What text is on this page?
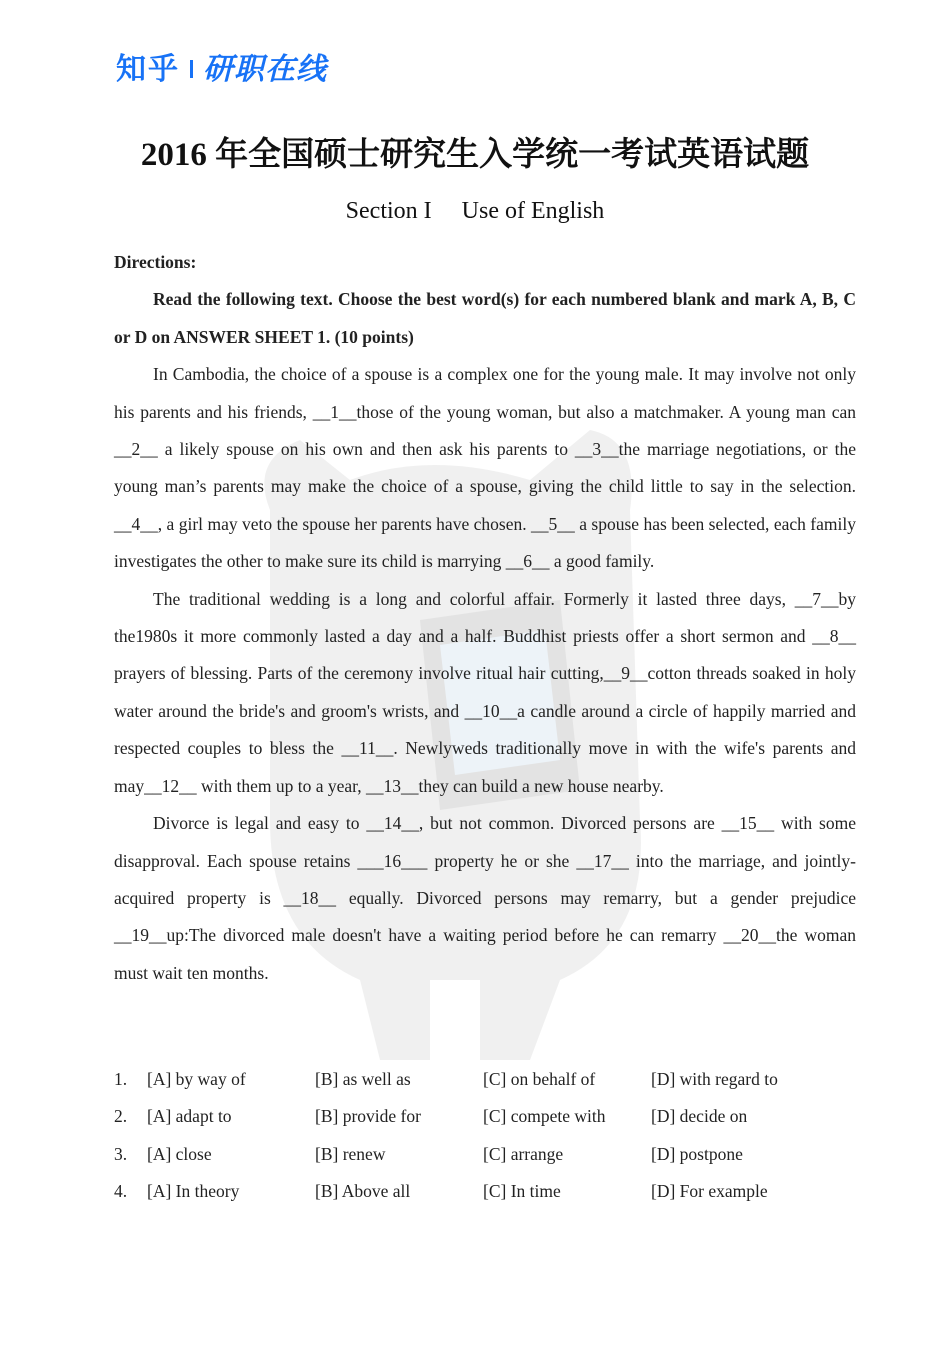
知乎 研职在线
2016 年全国硕士研究生入学统一考试英语试题
Section I Use of English

Directions:

Read the following text. Choose the best word(s) for each numbered blank and mark A, B, C or D on ANSWER SHEET 1. (10 points)

In Cambodia, the choice of a spouse is a complex one for the young male. It may involve not only his parents and his friends, __1__those of the young woman, but also a matchmaker. A young man can __2__ a likely spouse on his own and then ask his parents to __3__the marriage negotiations, or the young man’s parents may make the choice of a spouse, giving the child little to say in the selection. __4__, a girl may veto the spouse her parents have chosen. __5__ a spouse has been selected, each family investigates the other to make sure its child is marrying __6__ a good family.

The traditional wedding is a long and colorful affair. Formerly it lasted three days, __7__by the1980s it more commonly lasted a day and a half. Buddhist priests offer a short sermon and __8__ prayers of blessing. Parts of the ceremony involve ritual hair cutting,__9__cotton threads soaked in holy water around the bride's and groom's wrists, and __10__a candle around a circle of happily married and respected couples to bless the __11__. Newlyweds traditionally move in with the wife's parents and may__12__ with them up to a year, __13__they can build a new house nearby.

Divorce is legal and easy to __14__, but not common. Divorced persons are __15__ with some disapproval. Each spouse retains ___16___ property he or she __17__ into the marriage, and jointly-acquired property is __18__ equally. Divorced persons may remarry, but a gender prejudice __19__up:The divorced male doesn't have a waiting period before he can remarry __20__the woman must wait ten months.

1.	[A] by way of	[B] as well as	[C] on behalf of	[D] with regard to
2.	[A] adapt to	[B] provide for	[C] compete with	[D] decide on
3.	[A] close	[B] renew	[C] arrange	[D] postpone
4.	[A] In theory	[B] Above all	[C] In time	[D] For example
